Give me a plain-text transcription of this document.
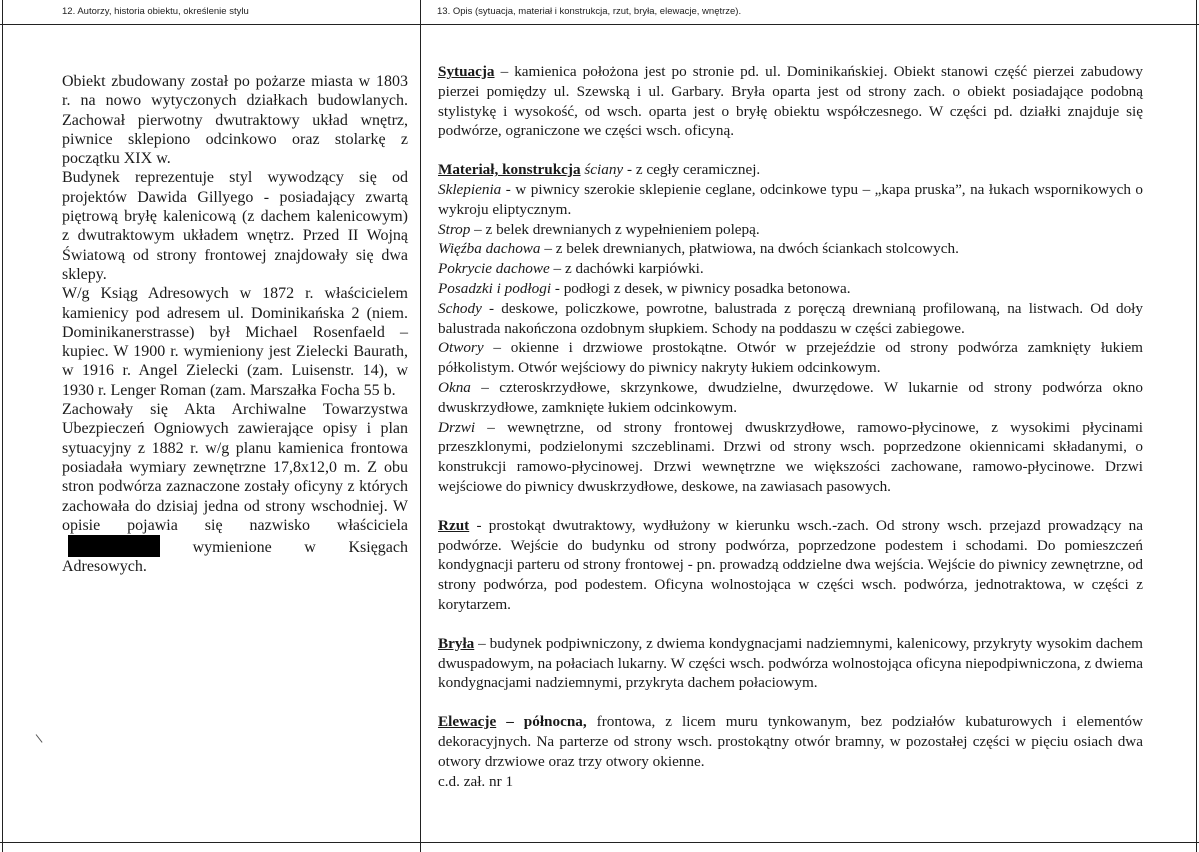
12. Autorzy, historia obiektu, określenie stylu	13. Opis (sytuacja, materiał i konstrukcja, rzut, bryła, elewacje, wnętrze).

Obiekt zbudowany został po pożarze miasta w 1803 r. na nowo wytyczonych działkach budowlanych. Zachował pierwotny dwutraktowy układ wnętrz, piwnice sklepiono odcinkowo oraz stolarkę z początku XIX w.

Budynek reprezentuje styl wywodzący się od projektów Dawida Gillyego - posiadający zwartą piętrową bryłę kalenicową (z dachem kalenicowym) z dwutraktowym układem wnętrz. Przed II Wojną Światową od strony frontowej znajdowały się dwa sklepy.

W/g Ksiąg Adresowych w 1872 r. właścicielem kamienicy pod adresem ul. Dominikańska 2 (niem. Dominikanerstrasse) był Michael Rosenfaeld – kupiec. W 1900 r. wymieniony jest Zielecki Baurath, w 1916 r. Angel Zielecki (zam. Luisenstr. 14), w 1930 r. Lenger Roman (zam. Marszałka Focha 55 b.

Zachowały się Akta Archiwalne Towarzystwa Ubezpieczeń Ogniowych zawierające opisy i plan sytuacyjny z 1882 r. w/g planu kamienica frontowa posiadała wymiary zewnętrzne 17,8x12,0 m. Z obu stron podwórza zaznaczone zostały oficyny z których zachowała do dzisiaj jedna od strony wschodniej. W opisie pojawia się nazwisko właściciela wymienione w Księgach Adresowych.

Sytuacja – kamienica położona jest po stronie pd. ul. Dominikańskiej. Obiekt stanowi część pierzei zabudowy pierzei pomiędzy ul. Szewską i ul. Garbary. Bryła oparta jest od strony zach. o obiekt posiadające podobną stylistykę i wysokość, od wsch. oparta jest o bryłę obiektu współczesnego. W części pd. działki znajduje się podwórze, ograniczone we części wsch. oficyną.

Materiał, konstrukcja ściany - z cegły ceramicznej.

Sklepienia - w piwnicy szerokie sklepienie ceglane, odcinkowe typu – „kapa pruska”, na łukach wspornikowych o wykroju eliptycznym.

Strop – z belek drewnianych z wypełnieniem polepą.

Więźba dachowa – z belek drewnianych, płatwiowa, na dwóch ściankach stolcowych.

Pokrycie dachowe – z dachówki karpiówki.

Posadzki i podłogi - podłogi z desek, w piwnicy posadka betonowa.

Schody - deskowe, policzkowe, powrotne, balustrada z poręczą drewnianą profilowaną, na listwach. Od doły balustrada nakończona ozdobnym słupkiem. Schody na poddaszu w części zabiegowe.

Otwory – okienne i drzwiowe prostokątne. Otwór w przejeździe od strony podwórza zamknięty łukiem półkolistym. Otwór wejściowy do piwnicy nakryty łukiem odcinkowym.

Okna – czteroskrzydłowe, skrzynkowe, dwudzielne, dwurzędowe. W lukarnie od strony podwórza okno dwuskrzydłowe, zamknięte łukiem odcinkowym.

Drzwi – wewnętrzne, od strony frontowej dwuskrzydłowe, ramowo-płycinowe, z wysokimi płycinami przeszklonymi, podzielonymi szczeblinami. Drzwi od strony wsch. poprzedzone okiennicami składanymi, o konstrukcji ramowo-płycinowej. Drzwi wewnętrzne we większości zachowane, ramowo-płycinowe. Drzwi wejściowe do piwnicy dwuskrzydłowe, deskowe, na zawiasach pasowych.

Rzut - prostokąt dwutraktowy, wydłużony w kierunku wsch.-zach. Od strony wsch. przejazd prowadzący na podwórze. Wejście do budynku od strony podwórza, poprzedzone podestem i schodami. Do pomieszczeń kondygnacji parteru od strony frontowej - pn. prowadzą oddzielne dwa wejścia. Wejście do piwnicy zewnętrzne, od strony podwórza, pod podestem. Oficyna wolnostojąca w części wsch. podwórza, jednotraktowa, w części z korytarzem.

Bryła – budynek podpiwniczony, z dwiema kondygnacjami nadziemnymi, kalenicowy, przykryty wysokim dachem dwuspadowym, na połaciach lukarny. W części wsch. podwórza wolnostojąca oficyna niepodpiwniczona, z dwiema kondygnacjami nadziemnymi, przykryta dachem połaciowym.

Elewacje – północna, frontowa, z licem muru tynkowanym, bez podziałów kubaturowych i elementów dekoracyjnych. Na parterze od strony wsch. prostokątny otwór bramny, w pozostałej części w pięciu osiach dwa otwory drzwiowe oraz trzy otwory okienne.

c.d. zał. nr 1
